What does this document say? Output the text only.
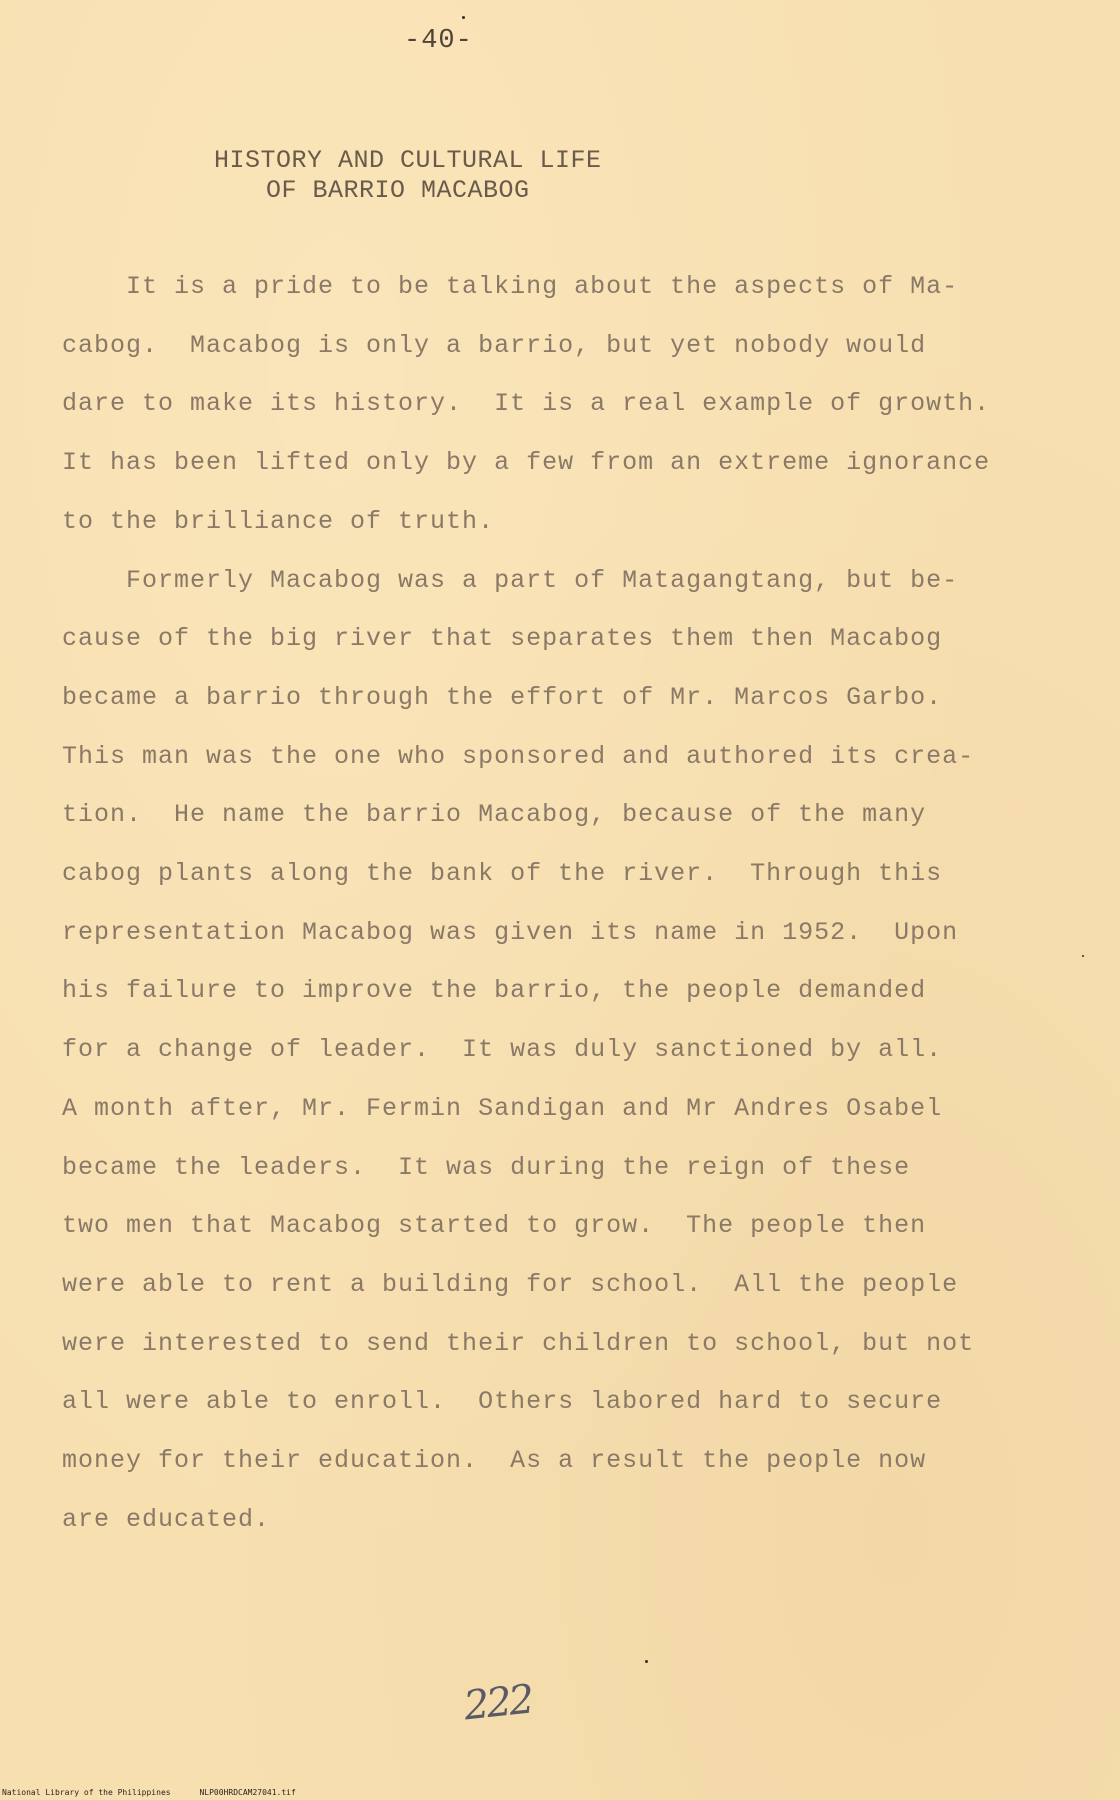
-40-
HISTORY AND CULTURAL LIFE
OF BARRIO MACABOG
It is a pride to be talking about the aspects of Ma-
cabog.  Macabog is only a barrio, but yet nobody would
dare to make its history.  It is a real example of growth.
It has been lifted only by a few from an extreme ignorance
to the brilliance of truth.
Formerly Macabog was a part of Matagangtang, but be-
cause of the big river that separates them then Macabog
became a barrio through the effort of Mr. Marcos Garbo.
This man was the one who sponsored and authored its crea-
tion.  He name the barrio Macabog, because of the many
cabog plants along the bank of the river.  Through this
representation Macabog was given its name in 1952.  Upon
his failure to improve the barrio, the people demanded
for a change of leader.  It was duly sanctioned by all.
A month after, Mr. Fermin Sandigan and Mr Andres Osabel
became the leaders.  It was during the reign of these
two men that Macabog started to grow.  The people then
were able to rent a building for school.  All the people
were interested to send their children to school, but not
all were able to enroll.  Others labored hard to secure
money for their education.  As a result the people now
are educated.
222
National Library of the Philippines      NLP00HRDCAM27041.tif
